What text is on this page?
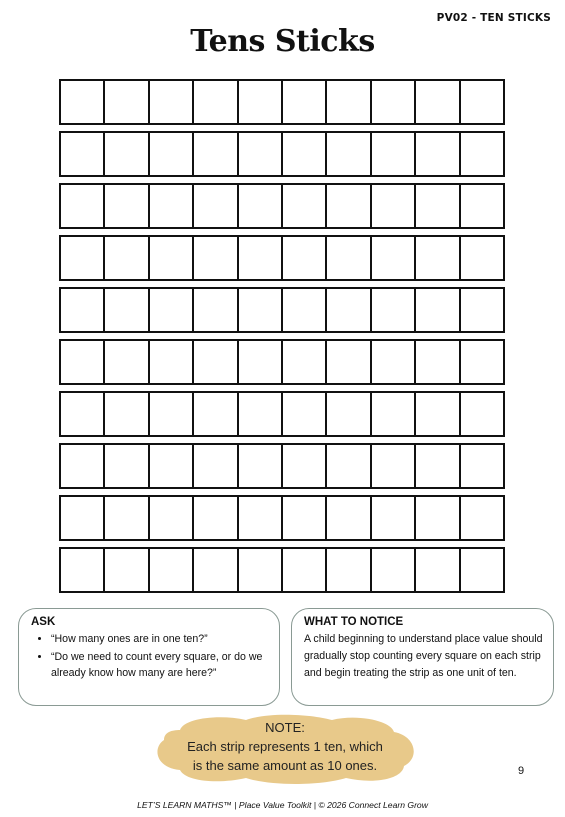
PV02 - TEN STICKS
Tens Sticks
ASK
• “How many ones are in one ten?”
• “Do we need to count every square, or do we already know how many are here?”
WHAT TO NOTICE

A child beginning to understand place value should gradually stop counting every square on each strip and begin treating the strip as one unit of ten.

NOTE:
Each strip represents 1 ten, which
is the same amount as 10 ones.	9
LET’S LEARN MATHS™ | Place Value Toolkit | © 2026 Connect Learn Grow
